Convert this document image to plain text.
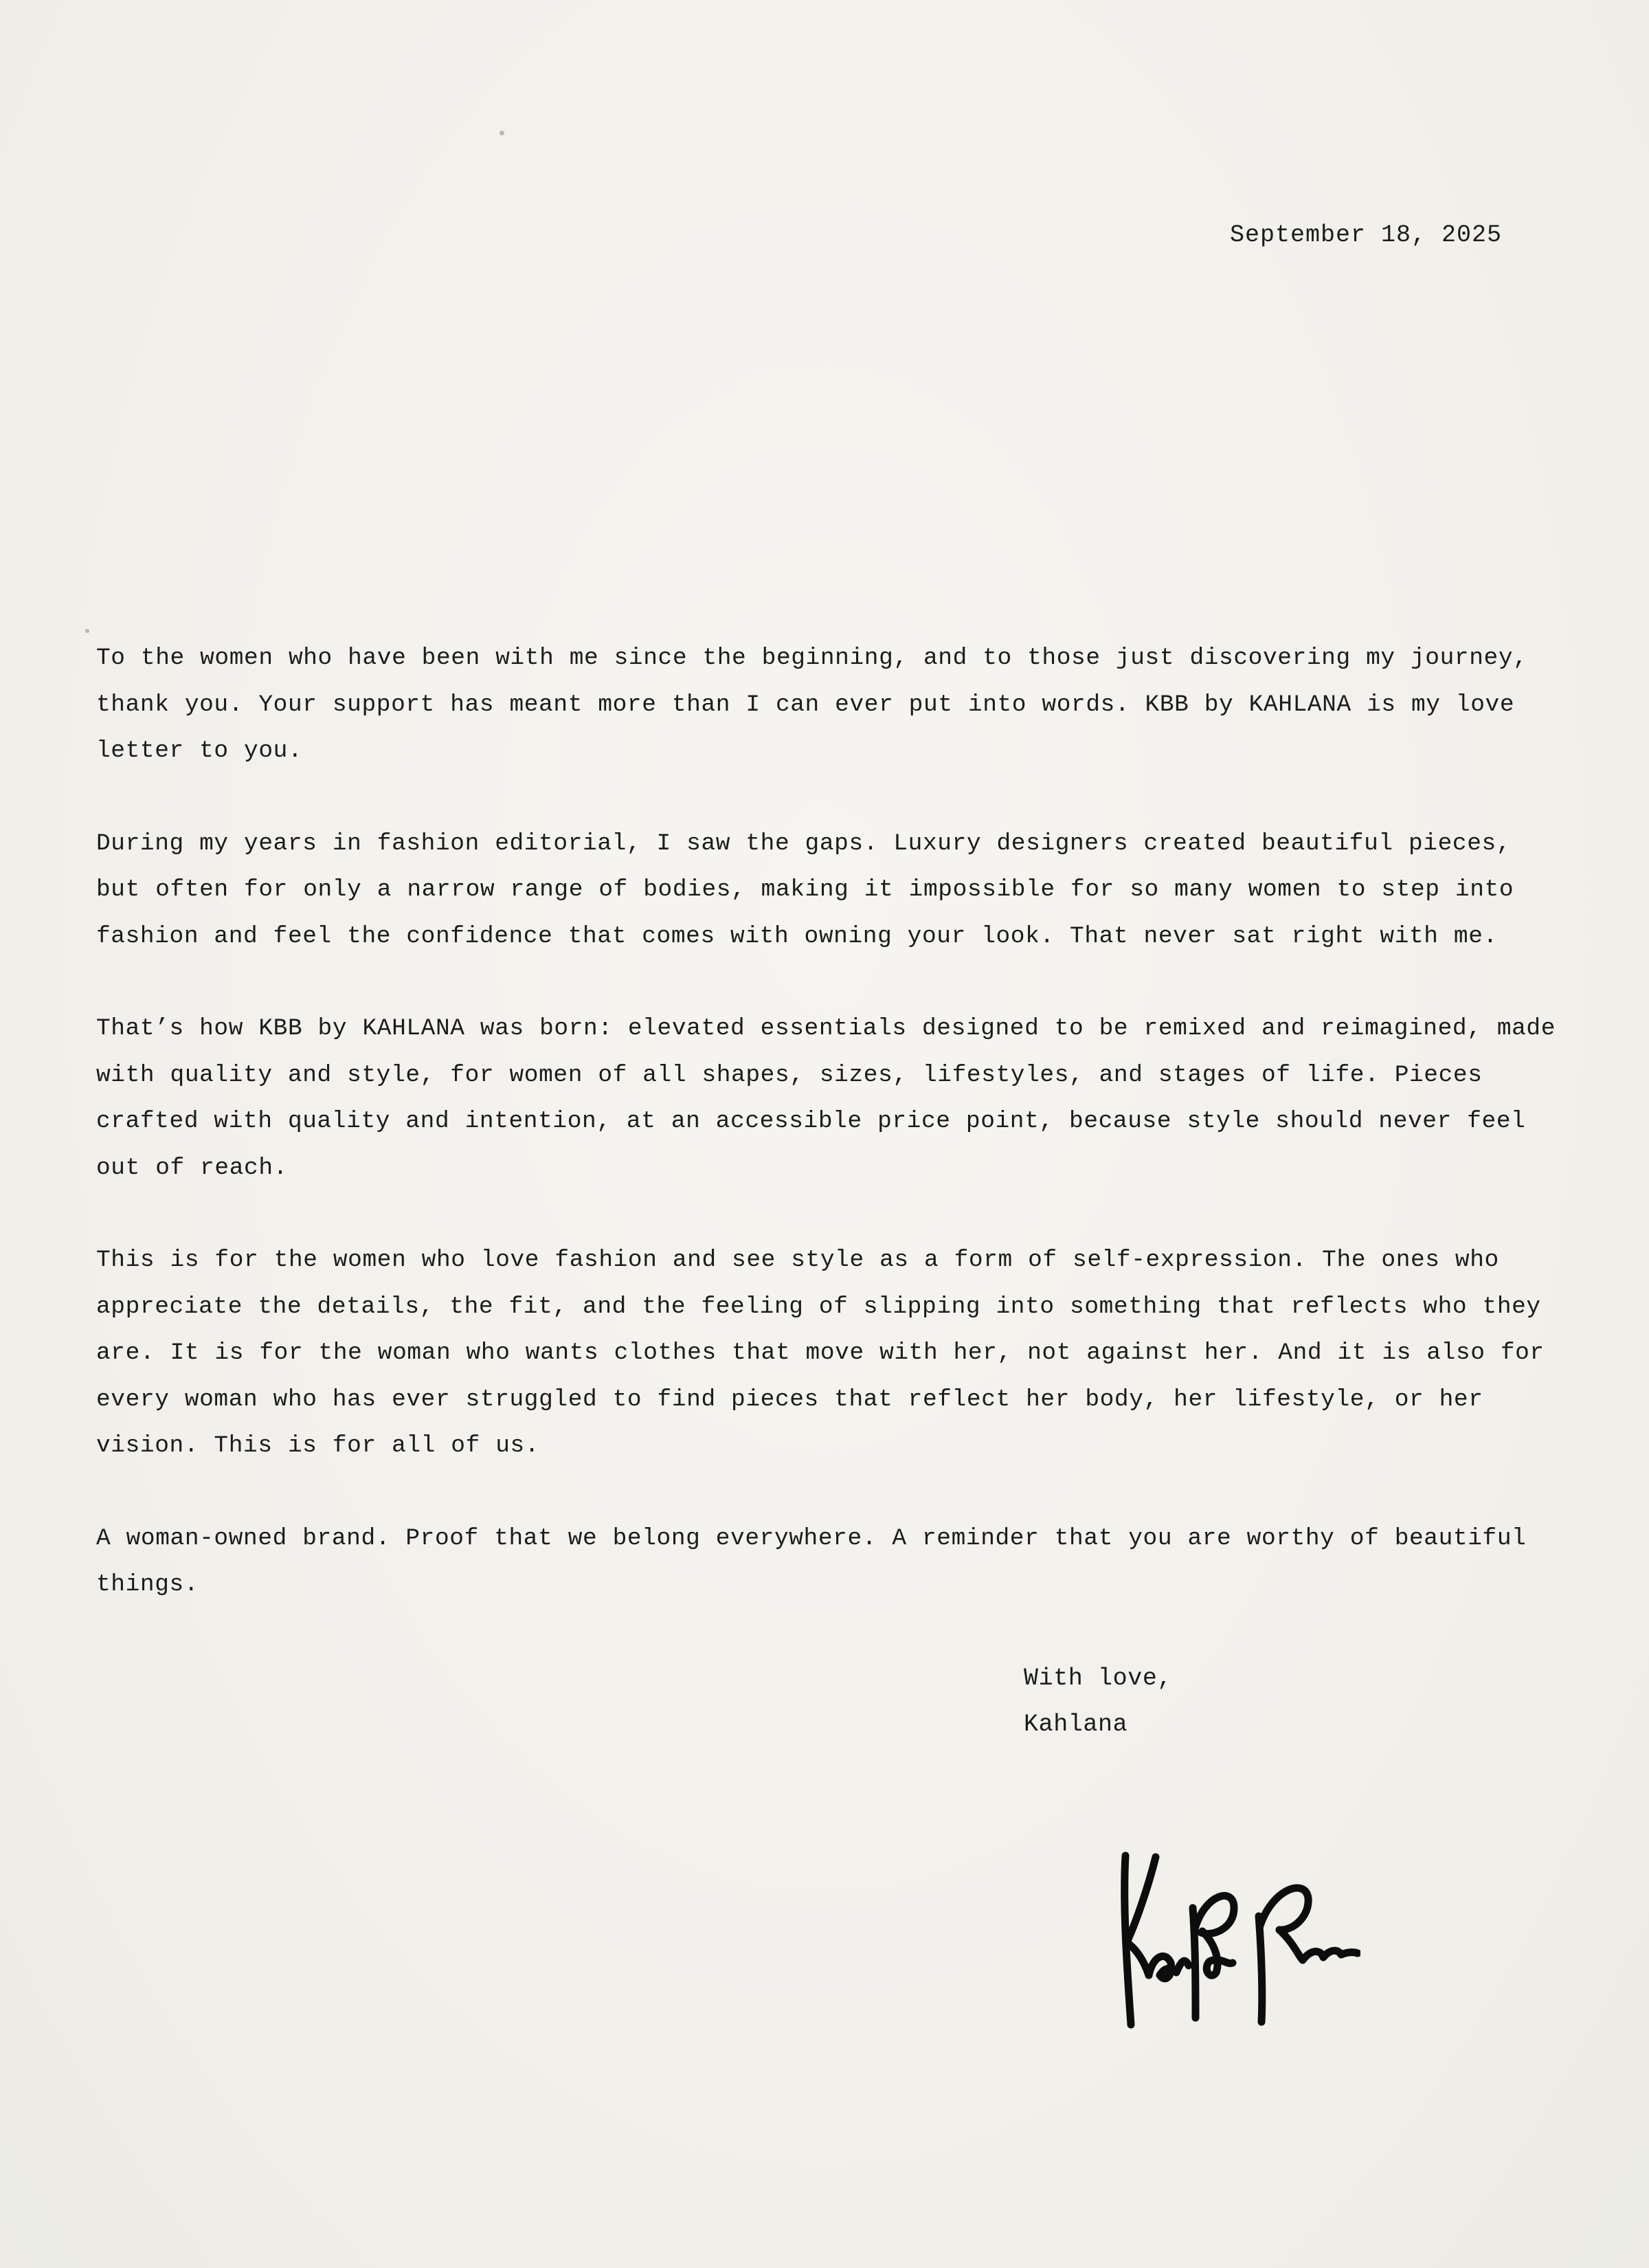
September 18, 2025

To the women who have been with me since the beginning, and to those just discovering my journey, thank you. Your support has meant more than I can ever put into words. KBB by KAHLANA is my love letter to you.

During my years in fashion editorial, I saw the gaps. Luxury designers created beautiful pieces, but often for only a narrow range of bodies, making it impossible for so many women to step into fashion and feel the confidence that comes with owning your look. That never sat right with me.

That’s how KBB by KAHLANA was born: elevated essentials designed to be remixed and reimagined, made with quality and style, for women of all shapes, sizes, lifestyles, and stages of life. Pieces crafted with quality and intention, at an accessible price point, because style should never feel out of reach.

This is for the women who love fashion and see style as a form of self-expression. The ones who appreciate the details, the fit, and the feeling of slipping into something that reflects who they are. It is for the woman who wants clothes that move with her, not against her. And it is also for every woman who has ever struggled to find pieces that reflect her body, her lifestyle, or her vision. This is for all of us.

A woman-owned brand. Proof that we belong everywhere. A reminder that you are worthy of beautiful things.

With love,
Kahlana
